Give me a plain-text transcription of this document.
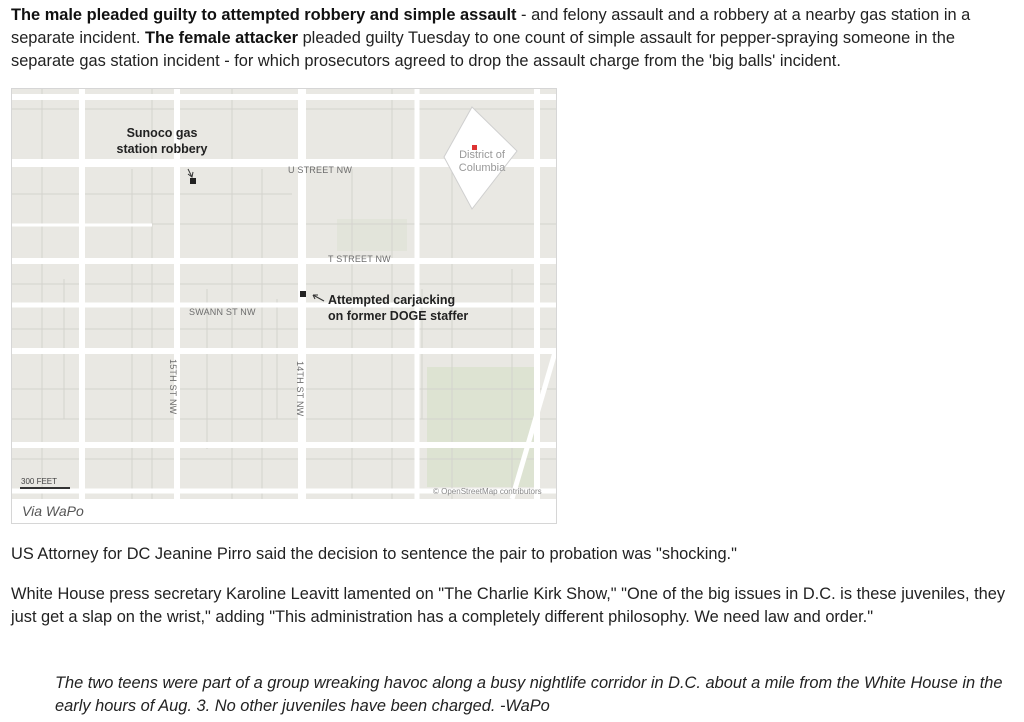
The male pleaded guilty to attempted robbery and simple assault - and felony assault and a robbery at a nearby gas station in a separate incident. The female attacker pleaded guilty Tuesday to one count of simple assault for pepper-spraying someone in the separate gas station incident - for which prosecutors agreed to drop the assault charge from the 'big balls' incident.
Sunoco gas
station robbery
Attempted carjacking
on former DOGE staffer
U STREET NW
T STREET NW
SWANN ST NW
15TH ST NW	14TH ST NW
District of
Columbia
300 FEET
© OpenStreetMap contributors
Via WaPo
US Attorney for DC Jeanine Pirro said the decision to sentence the pair to probation was "shocking."
White House press secretary Karoline Leavitt lamented on "The Charlie Kirk Show," "One of the big issues in D.C. is these juveniles, they just get a slap on the wrist," adding "This administration has a completely different philosophy. We need law and order."
The two teens were part of a group wreaking havoc along a busy nightlife corridor in D.C. about a mile from the White House in the early hours of Aug. 3. No other juveniles have been charged. -WaPo
